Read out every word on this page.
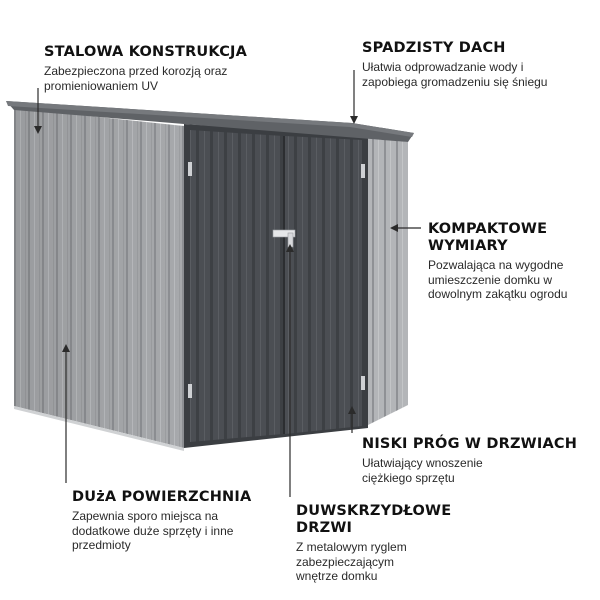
STALOWA KONSTRUKCJA

Zabezpieczona przed korozją oraz promieniowaniem UV

SPADZISTY DACH

Ułatwia odprowadzanie wody i zapobiega gromadzeniu się śniegu

KOMPAKTOWE WYMIARY

Pozwalająca na wygodne umieszczenie domku w dowolnym zakątku ogrodu

NISKI PRÓG W DRZWIACH

Ułatwiający wnoszenie ciężkiego sprzętu

DUżA POWIERZCHNIA

Zapewnia sporo miejsca na dodatkowe duże sprzęty i inne przedmioty

DUWSKRZYDŁOWE DRZWI

Z metalowym ryglem zabezpieczającym wnętrze domku
